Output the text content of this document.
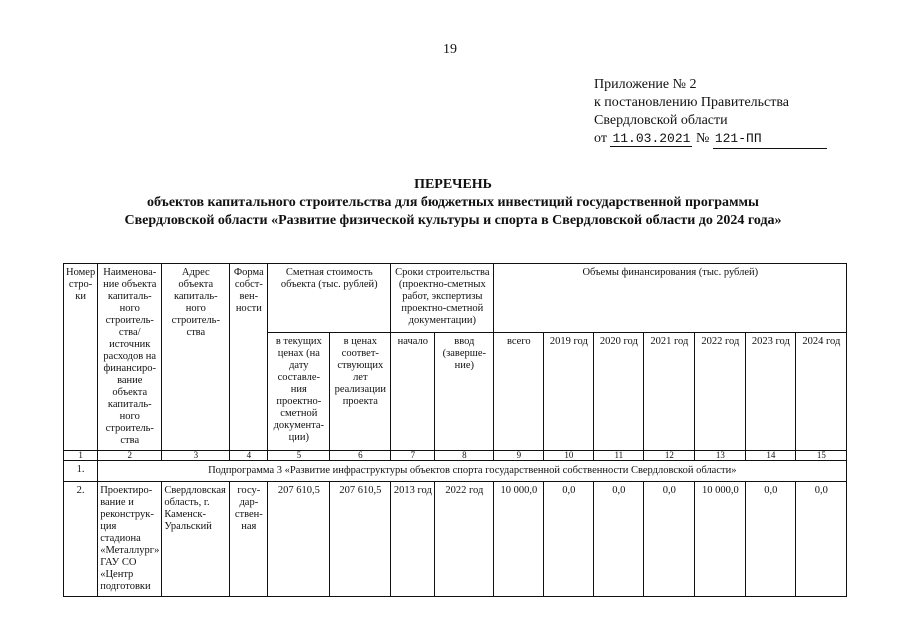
19
Приложение № 2
к постановлению Правительства
Свердловской области
от 11.03.2021 № 121-ПП
ПЕРЕЧЕНЬ
объектов капитального строительства для бюджетных инвестиций государственной программы
Свердловской области «Развитие физической культуры и спорта в Свердловской области до 2024 года»
Номер стро-ки	Наименова-ние объекта капиталь-ного строитель-ства/ источник расходов на финансиро-вание объекта капиталь-ного строитель-ства	Адрес объекта капиталь-ного строитель-ства	Форма собст-вен-ности	Сметная стоимость объекта (тыс. рублей)		Сроки строительства (проектно-сметных работ, экспертизы проектно-сметной документации)		Объемы финансирования (тыс. рублей)						
				в текущих ценах (на дату составле-ния проектно-сметной документа-ции)	в ценах соответ-ствующих лет реализации проекта	начало	ввод (заверше-ние)	всего	2019 год	2020 год	2021 год	2022 год	2023 год	2024 год
1	2	3	4	5	6	7	8	9	10	11	12	13	14	15
1.	Подпрограмма 3 «Развитие инфраструктуры объектов спорта государственной собственности Свердловской области»													
2.	Проектиро-вание и реконструк-ция стадиона «Металлург» ГАУ СО «Центр подготовки	Свердловская область, г. Каменск-Уральский	госу-дар-ствен-ная	207 610,5	207 610,5	2013 год	2022 год	10 000,0	0,0	0,0	0,0	10 000,0	0,0	0,0
